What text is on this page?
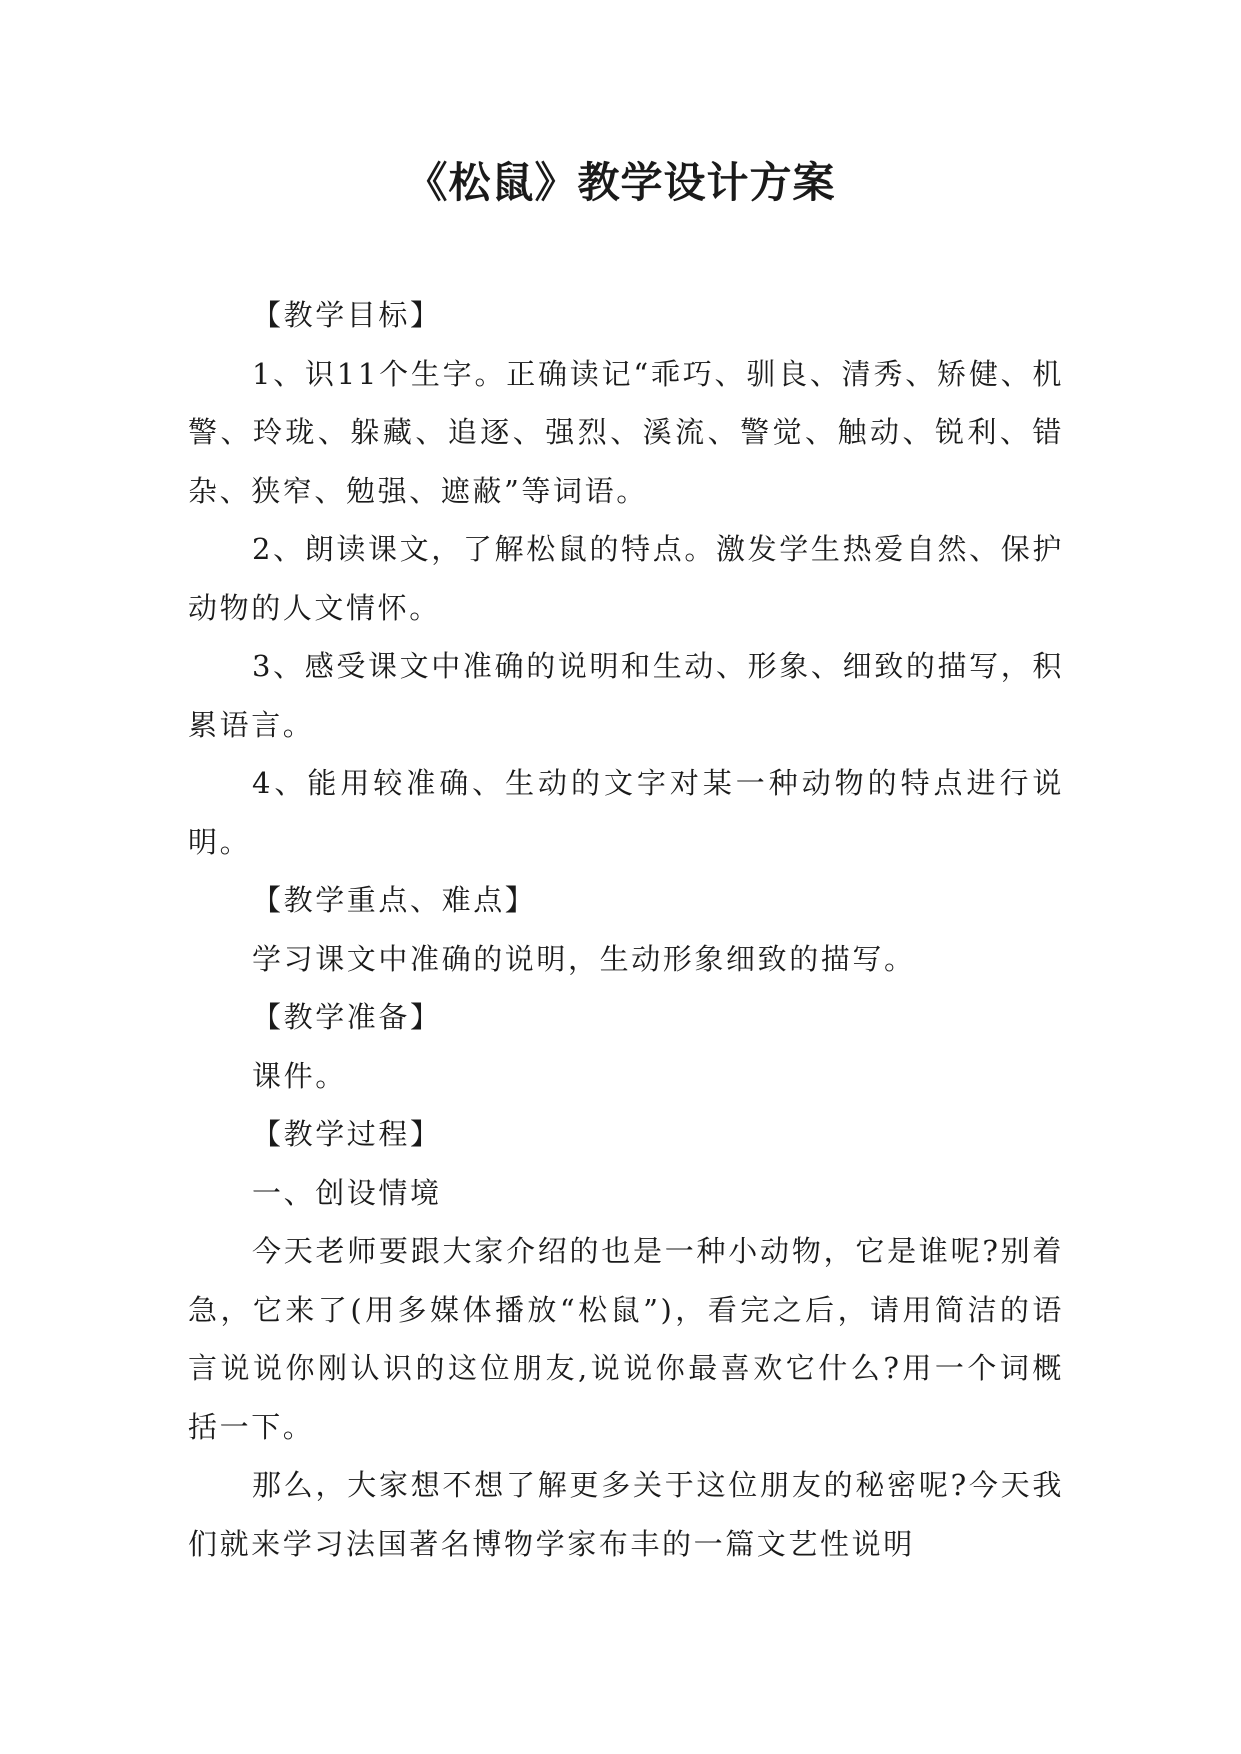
《松鼠》教学设计方案

【教学目标】

1、识11个生字。正确读记“乖巧、驯良、清秀、矫健、机警、玲珑、躲藏、追逐、强烈、溪流、警觉、触动、锐利、错杂、狭窄、勉强、遮蔽”等词语。

2、朗读课文，了解松鼠的特点。激发学生热爱自然、保护动物的人文情怀。

3、感受课文中准确的说明和生动、形象、细致的描写，积累语言。

4、能用较准确、生动的文字对某一种动物的特点进行说明。

【教学重点、难点】

学习课文中准确的说明，生动形象细致的描写。

【教学准备】

课件。

【教学过程】

一、创设情境

今天老师要跟大家介绍的也是一种小动物，它是谁呢?别着急，它来了(用多媒体播放“松鼠”)，看完之后，请用简洁的语言说说你刚认识的这位朋友,说说你最喜欢它什么?用一个词概括一下。

那么，大家想不想了解更多关于这位朋友的秘密呢?今天我们就来学习法国著名博物学家布丰的一篇文艺性说明
